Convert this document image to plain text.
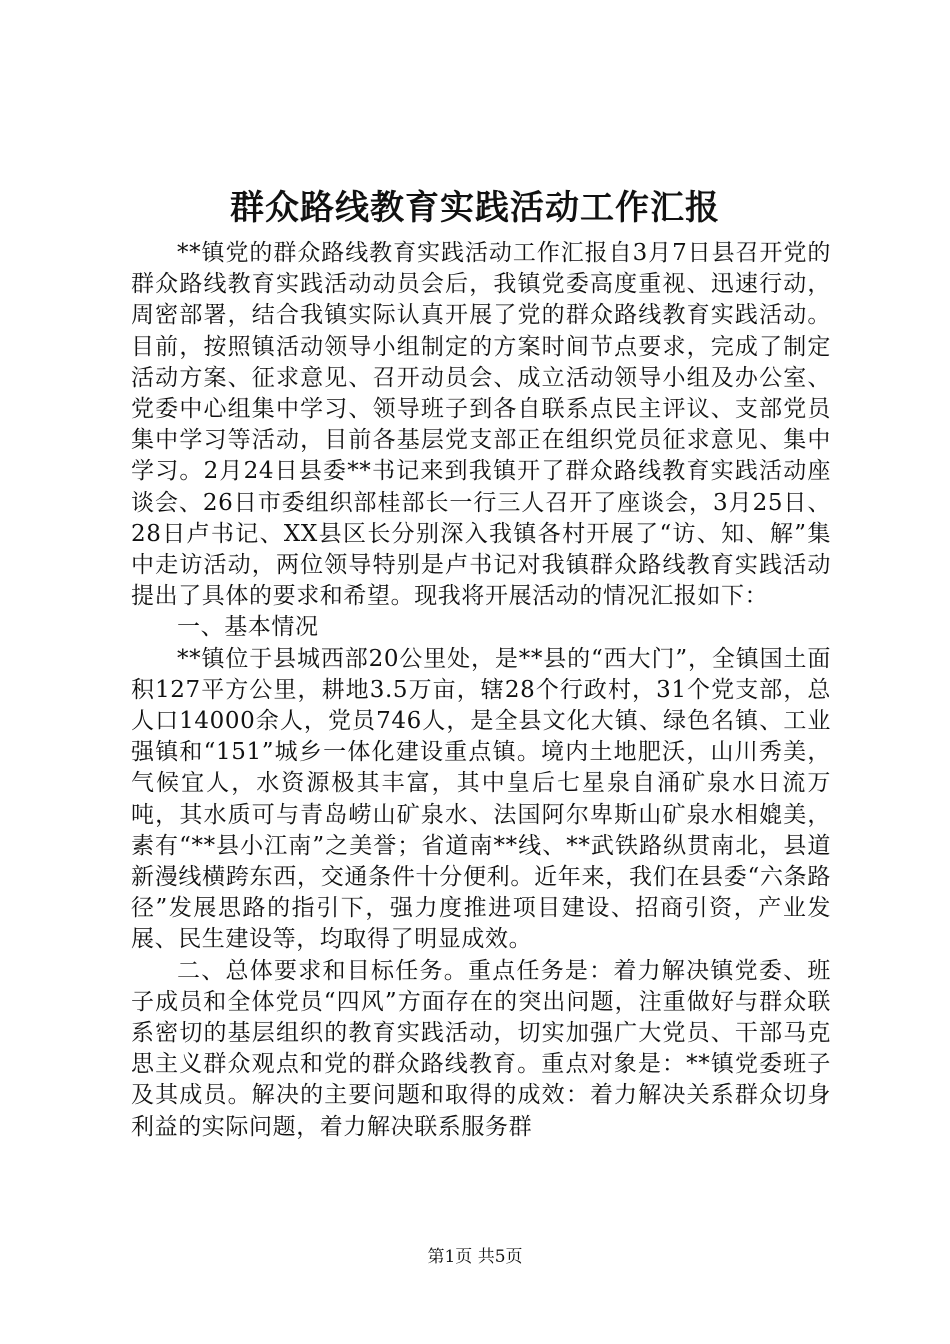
群众路线教育实践活动工作汇报

**镇党的群众路线教育实践活动工作汇报自3月7日县召开党的群众路线教育实践活动动员会后，我镇党委高度重视、迅速行动，周密部署，结合我镇实际认真开展了党的群众路线教育实践活动。目前，按照镇活动领导小组制定的方案时间节点要求，完成了制定活动方案、征求意见、召开动员会、成立活动领导小组及办公室、党委中心组集中学习、领导班子到各自联系点民主评议、支部党员集中学习等活动，目前各基层党支部正在组织党员征求意见、集中学习。2月24日县委**书记来到我镇开了群众路线教育实践活动座谈会、26日市委组织部桂部长一行三人召开了座谈会，3月25日、28日卢书记、XX县区长分别深入我镇各村开展了“访、知、解”集中走访活动，两位领导特别是卢书记对我镇群众路线教育实践活动提出了具体的要求和希望。现我将开展活动的情况汇报如下：

一、基本情况

**镇位于县城西部20公里处，是**县的“西大门”，全镇国土面积127平方公里，耕地3.5万亩，辖28个行政村，31个党支部，总人口14000余人，党员746人，是全县文化大镇、绿色名镇、工业强镇和“151”城乡一体化建设重点镇。境内土地肥沃，山川秀美，气候宜人，水资源极其丰富，其中皇后七星泉自涌矿泉水日流万吨，其水质可与青岛崂山矿泉水、法国阿尔卑斯山矿泉水相媲美，素有“**县小江南”之美誉；省道南**线、**武铁路纵贯南北，县道新漫线横跨东西，交通条件十分便利。近年来，我们在县委“六条路径”发展思路的指引下，强力度推进项目建设、招商引资，产业发展、民生建设等，均取得了明显成效。

二、总体要求和目标任务。重点任务是：着力解决镇党委、班子成员和全体党员“四风”方面存在的突出问题，注重做好与群众联系密切的基层组织的教育实践活动，切实加强广大党员、干部马克思主义群众观点和党的群众路线教育。重点对象是：**镇党委班子及其成员。解决的主要问题和取得的成效：着力解决关系群众切身利益的实际问题，着力解决联系服务群

第1页 共5页
